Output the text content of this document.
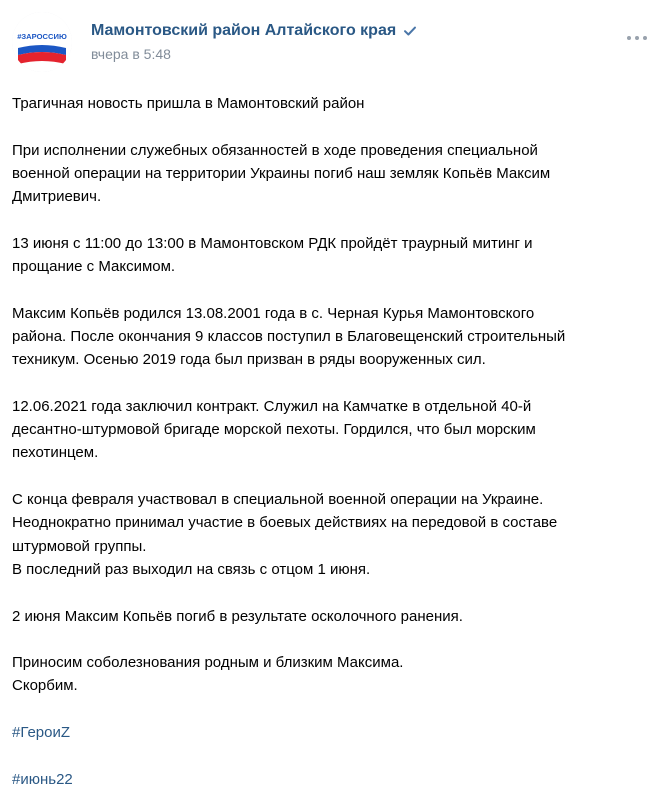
#ЗАРОССИЮ Мамонтовский район Алтайского края
вчера в 5:48

Трагичная новость пришла в Мамонтовский район

При исполнении служебных обязанностей в ходе проведения специальной

военной операции на территории Украины погиб наш земляк Копьёв Максим

Дмитриевич.

13 июня с 11:00 до 13:00 в Мамонтовском РДК пройдёт траурный митинг и

прощание с Максимом.

Максим Копьёв родился 13.08.2001 года в с. Черная Курья Мамонтовского

района. После окончания 9 классов поступил в Благовещенский строительный

техникум. Осенью 2019 года был призван в ряды вооруженных сил.

12.06.2021 года заключил контракт. Служил на Камчатке в отдельной 40-й

десантно-штурмовой бригаде морской пехоты. Гордился, что был морским

пехотинцем.

С конца февраля участвовал в специальной военной операции на Украине.

Неоднократно принимал участие в боевых действиях на передовой в составе

штурмовой группы.

В последний раз выходил на связь с отцом 1 июня.

2 июня Максим Копьёв погиб в результате осколочного ранения.

Приносим соболезнования родным и близким Максима.

Скорбим.

#ГероиZ

#июнь22
